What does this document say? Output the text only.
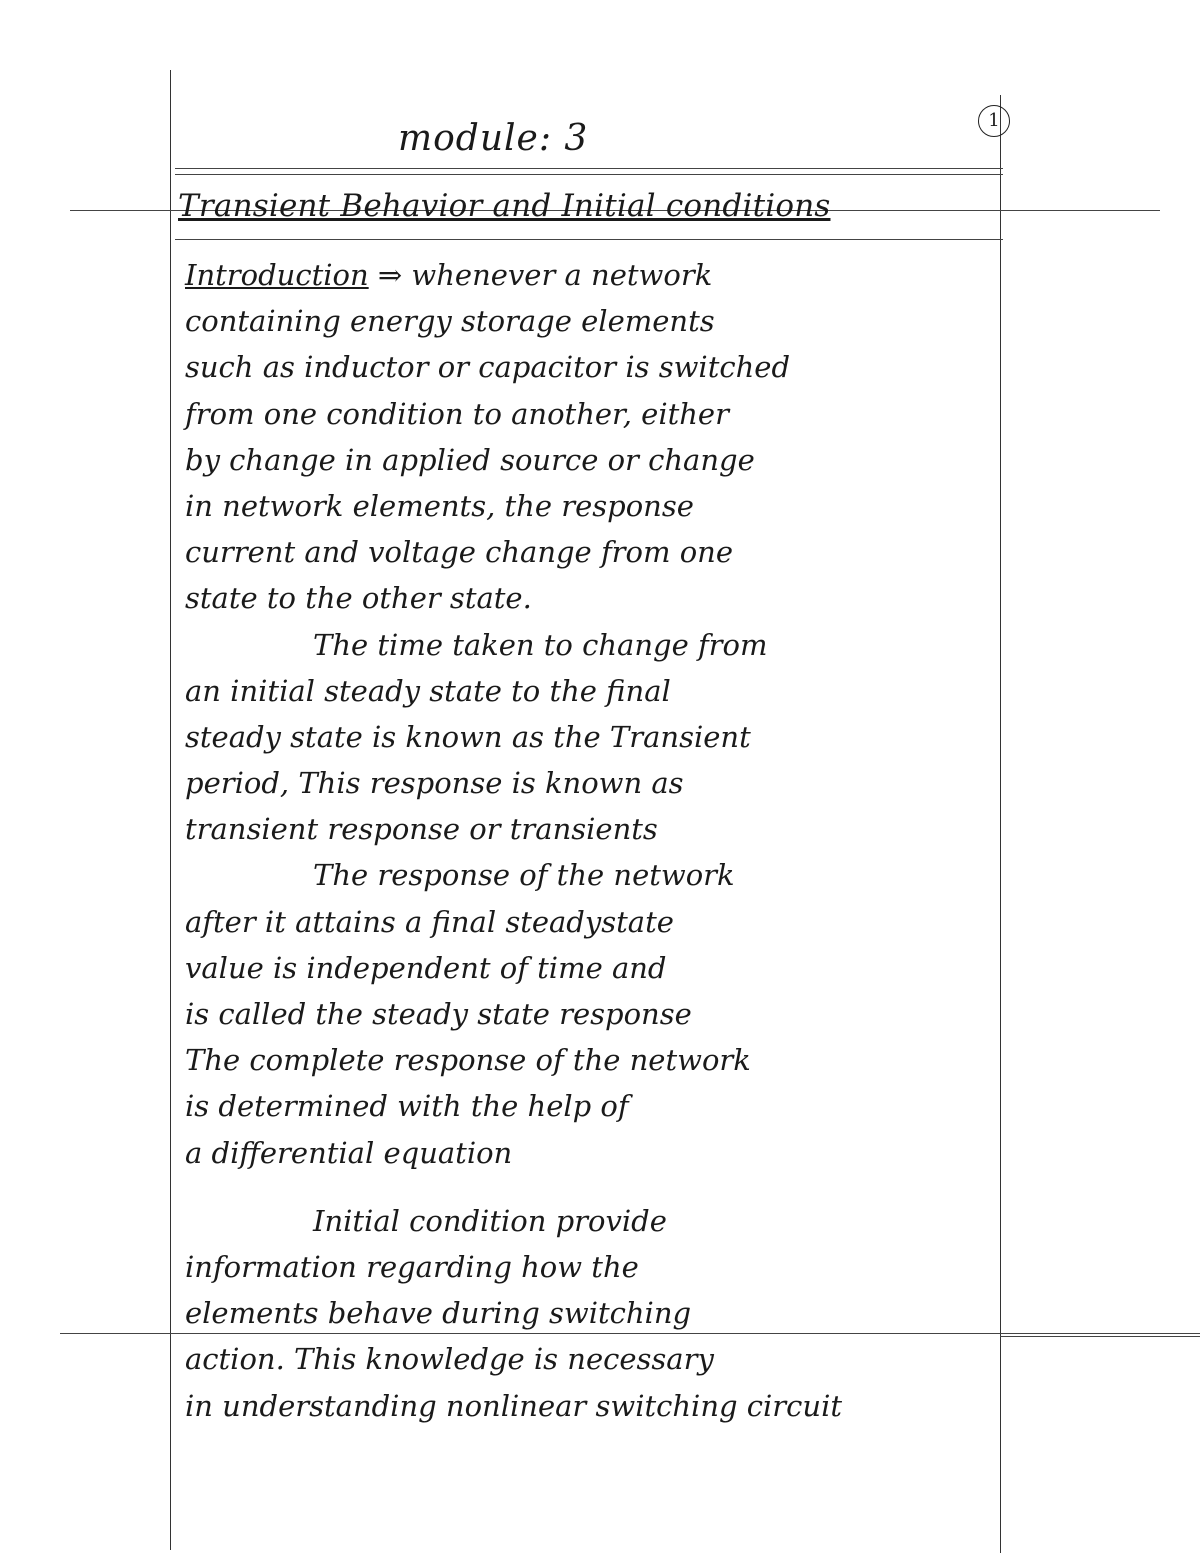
1
module: 3
Transient Behavior and Initial conditions
Introduction ⇒ whenever a network
containing energy storage elements
such as inductor or capacitor is switched
from one condition to another, either
by change in applied source or change
in network elements, the response
current and voltage change from one
state to the other state.
The time taken to change from
an initial steady state to the final
steady state is known as the Transient
period, This response is known as
transient response or transients
The response of the network
after it attains a final steadystate
value is independent of time and
is called the steady state response
The complete response of the network
is determined with the help of
a differential equation
Initial condition provide
information regarding how the
elements behave during switching
action. This knowledge is necessary
in understanding nonlinear switching circuit
